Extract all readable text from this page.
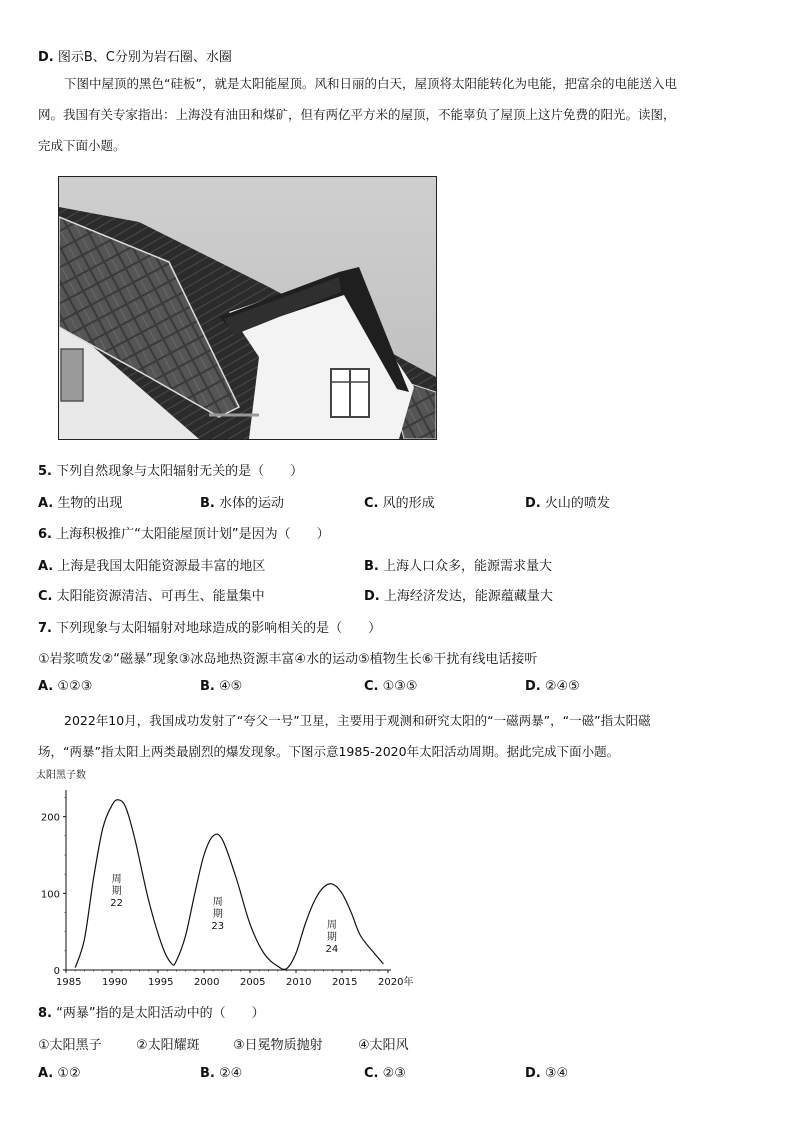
D. 图示B、C分别为岩石圈、水圈
下图中屋顶的黑色“硅板”，就是太阳能屋顶。风和日丽的白天，屋顶将太阳能转化为电能，把富余的电能送入电
网。我国有关专家指出：上海没有油田和煤矿，但有两亿平方米的屋顶，不能辜负了屋顶上这片免费的阳光。读图，
完成下面小题。
5. 下列自然现象与太阳辐射无关的是（　　）
A. 生物的出现	B. 水体的运动	C. 风的形成	D. 火山的喷发
6. 上海积极推广“太阳能屋顶计划”是因为（　　）
A. 上海是我国太阳能资源最丰富的地区	B. 上海人口众多，能源需求量大
C. 太阳能资源清洁、可再生、能量集中	D. 上海经济发达，能源蕴藏量大
7. 下列现象与太阳辐射对地球造成的影响相关的是（　　）
①岩浆喷发②“磁暴”现象③冰岛地热资源丰富④水的运动⑤植物生长⑥干扰有线电话接听
A. ①②③	B. ④⑤	C. ①③⑤	D. ②④⑤
2022年10月，我国成功发射了“夸父一号”卫星，主要用于观测和研究太阳的“一磁两暴”，“一磁”指太阳磁
场，“两暴”指太阳上两类最剧烈的爆发现象。下图示意1985-2020年太阳活动周期。据此完成下面小题。
太阳黑子数
1985 1990 1995 2000 2005 2010 2015 2020年
0
100
200
周
期
22	周
期
23	周
期
24
8. “两暴”指的是太阳活动中的（　　）
①太阳黑子	②太阳耀斑	③日冕物质抛射	④太阳风
A. ①②	B. ②④	C. ②③	D. ③④
